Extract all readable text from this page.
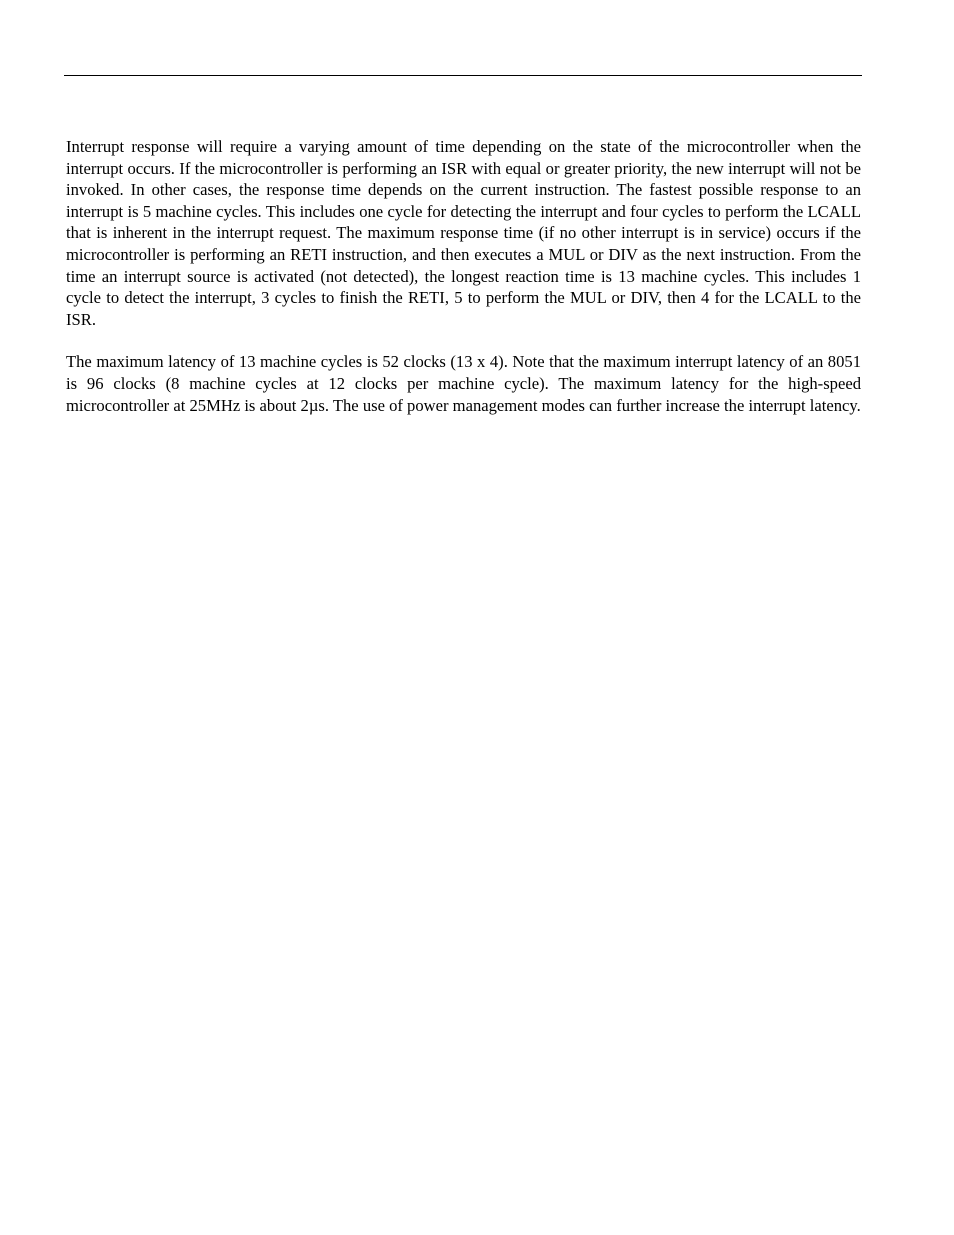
Interrupt response will require a varying amount of time depending on the state of the microcontroller when the interrupt occurs. If the microcontroller is performing an ISR with equal or greater priority, the new interrupt will not be invoked. In other cases, the response time depends on the current instruction. The fastest possible response to an interrupt is 5 machine cycles. This includes one cycle for detecting the interrupt and four cycles to perform the LCALL that is inherent in the interrupt request. The maximum response time (if no other interrupt is in service) occurs if the microcontroller is performing an RETI instruction, and then executes a MUL or DIV as the next instruction. From the time an interrupt source is activated (not detected), the longest reaction time is 13 machine cycles. This includes 1 cycle to detect the interrupt, 3 cycles to finish the RETI, 5 to perform the MUL or DIV, then 4 for the LCALL to the ISR.

The maximum latency of 13 machine cycles is 52 clocks (13 x 4). Note that the maximum interrupt latency of an 8051 is 96 clocks (8 machine cycles at 12 clocks per machine cycle). The maximum latency for the high-speed microcontroller at 25MHz is about 2µs. The use of power management modes can further increase the interrupt latency.
